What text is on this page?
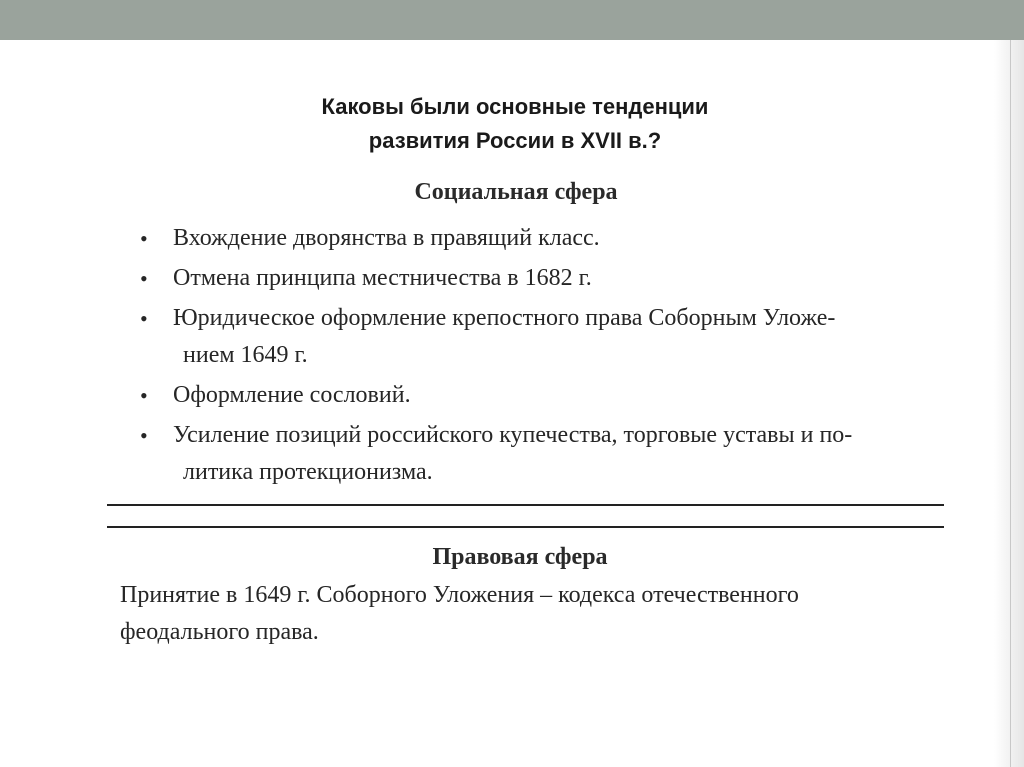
Каковы были основные тенденции
развития России в XVII в.?
Социальная сфера
• Вхождение дворянства в правящий класс.
• Отмена принципа местничества в 1682 г.
• Юридическое оформление крепостного права Соборным Уложе-
нием 1649 г.
• Оформление сословий.
• Усиление позиций российского купечества, торговые уставы и по-
литика протекционизма.
Правовая сфера

Принятие в 1649 г. Соборного Уложения – кодекса отечественного

феодального права.
